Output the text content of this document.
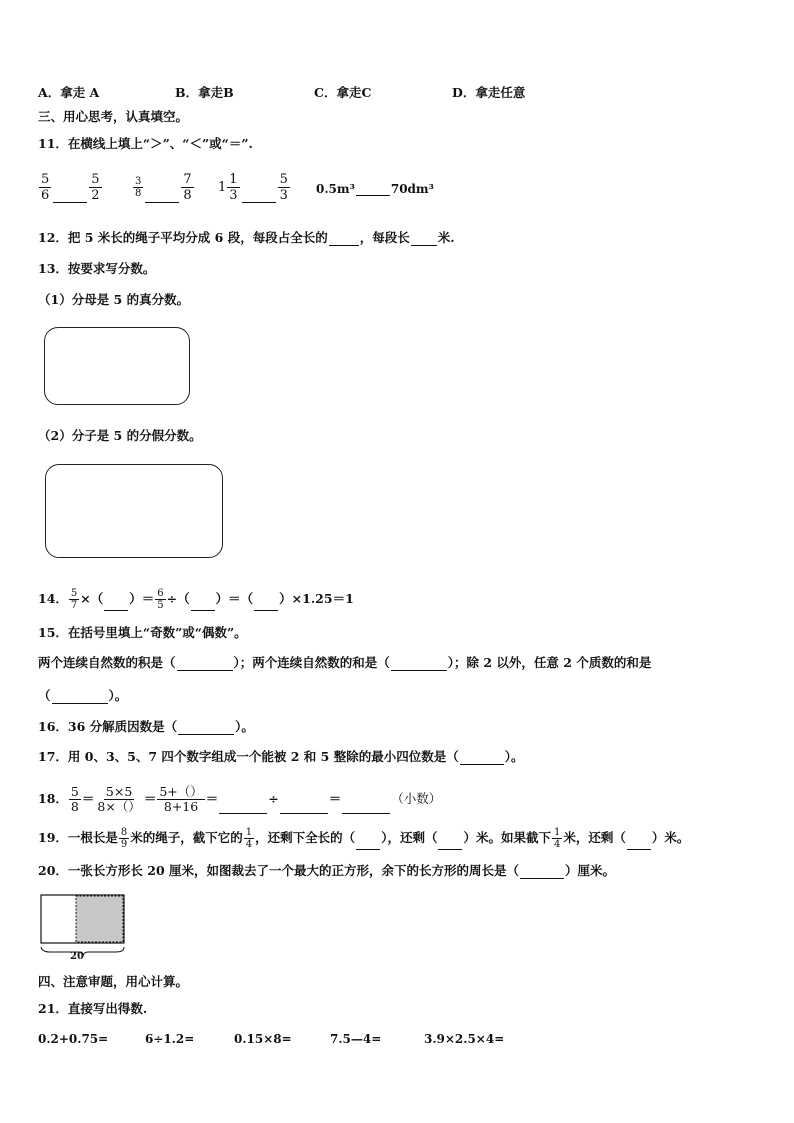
A．拿走 A	B．拿走B	C．拿走C	D．拿走任意
三、用心思考，认真填空。
11．在横线上填上“＞”、“＜”或“＝”.
$\frac{5}{6}$	$\frac{5}{2}$	$\frac{3}{8}$	$\frac{7}{8} 1 \frac{1}{3}$	$\frac{5}{3} 0.5m^3$	70dm³
12．把 5 米长的绳子平均分成 6 段，每段占全长的	，每段长 米.
13．按要求写分数。
（1）分母是 5 的真分数。
（2）分子是 5 的分假分数。
14． $\frac{5}{7}$ ×（ ）＝ $\frac{6}{5}$ ÷（ ）＝（ ）×1.25＝1
15．在括号里填上“奇数”或“偶数”。
两个连续自然数的积是（	）；两个连续自然数的和是（	）；除 2 以外，任意 2 个质数的和是
（	）。
16．36 分解质因数是（	）。
17．用 0、3、5、7 四个数字组成一个能被 2 和 5 整除的最小四位数是（	）。
18． $\frac{5}{8} = \frac{5\times 5}{8\times()} = \frac{5+()}{8+16}$ ＝	÷	＝	（小数）
19．一根长是 $\frac{8}{9}$ 米的绳子，截下它的 $\frac{1}{4}$ ，还剩下全长的（ ），还剩（ ）米。如果截下 $\frac{1}{4}$ 米，还剩（ ）米。
20．一张长方形长 20 厘米，如图裁去了一个最大的正方形，余下的长方形的周长是（	）厘米。
20
四、注意审题，用心计算。
21．直接写出得数.
0.2+0.75=	6÷1.2=	0.15×8=	7.5—4=	3.9×2.5×4=
